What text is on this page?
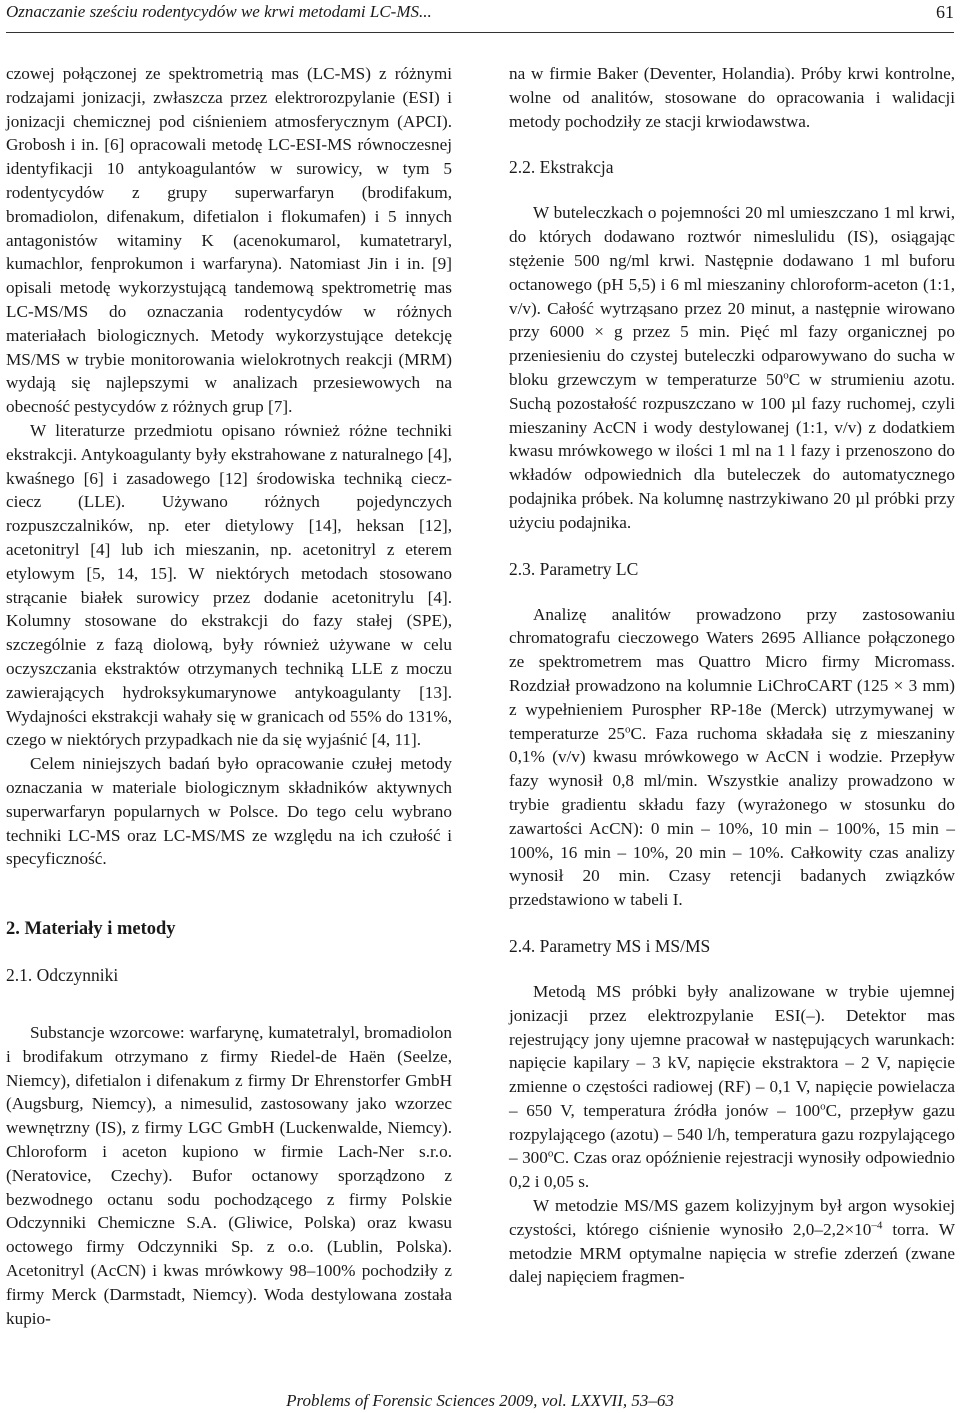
Oznaczanie sześciu rodentycydów we krwi metodami LC-MS...	61

czowej połączonej ze spektrometrią mas (LC-MS) z różnymi rodzajami jonizacji, zwłaszcza przez elektrorozpylanie (ESI) i jonizacji chemicznej pod ciśnieniem atmosferycznym (APCI). Grobosh i in. [6] opracowali metodę LC-ESI-MS równoczesnej identyfikacji 10 antykoagulantów w surowicy, w tym 5 rodentycydów z grupy superwarfaryn (brodifakum, bromadiolon, difenakum, difetialon i flokumafen) i 5 innych antagonistów witaminy K (acenokumarol, kumatetraryl, kumachlor, fenprokumon i warfaryna). Natomiast Jin i in. [9] opisali metodę wykorzystującą tandemową spektrometrię mas LC-MS/MS do oznaczania rodentycydów w różnych materiałach biologicznych. Metody wykorzystujące detekcję MS/MS w trybie monitorowania wielokrotnych reakcji (MRM) wydają się najlepszymi w analizach przesiewowych na obecność pestycydów z różnych grup [7].

W literaturze przedmiotu opisano również różne techniki ekstrakcji. Antykoagulanty były ekstrahowane z naturalnego [4], kwaśnego [6] i zasadowego [12] środowiska techniką ciecz-ciecz (LLE). Używano różnych pojedynczych rozpuszczalników, np. eter dietylowy [14], heksan [12], acetonitryl [4] lub ich mieszanin, np. acetonitryl z eterem etylowym [5, 14, 15]. W niektórych metodach stosowano strącanie białek surowicy przez dodanie acetonitrylu [4]. Kolumny stosowane do ekstrakcji do fazy stałej (SPE), szczególnie z fazą diolową, były również używane w celu oczyszczania ekstraktów otrzymanych techniką LLE z moczu zawierających hydroksykumarynowe antykoagulanty [13]. Wydajności ekstrakcji wahały się w granicach od 55% do 131%, czego w niektórych przypadkach nie da się wyjaśnić [4, 11].

Celem niniejszych badań było opracowanie czułej metody oznaczania w materiale biologicznym składników aktywnych superwarfaryn popularnych w Polsce. Do tego celu wybrano techniki LC-MS oraz LC-MS/MS ze względu na ich czułość i specyficzność.

2. Materiały i metody
2.1. Odczynniki

Substancje wzorcowe: warfarynę, kumatetralyl, bromadiolon i brodifakum otrzymano z firmy Riedel-de Haën (Seelze, Niemcy), difetialon i difenakum z firmy Dr Ehrenstorfer GmbH (Augsburg, Niemcy), a nimesulid, zastosowany jako wzorzec wewnętrzny (IS), z firmy LGC GmbH (Luckenwalde, Niemcy). Chloroform i aceton kupiono w firmie Lach-Ner s.r.o. (Neratovice, Czechy). Bufor octanowy sporządzono z bezwodnego octanu sodu pochodzącego z firmy Polskie Odczynniki Chemiczne S.A. (Gliwice, Polska) oraz kwasu octowego firmy Odczynniki Sp. z o.o. (Lublin, Polska). Acetonitryl (AcCN) i kwas mrówkowy 98–100% pochodziły z firmy Merck (Darmstadt, Niemcy). Woda destylowana została kupio-

na w firmie Baker (Deventer, Holandia). Próby krwi kontrolne, wolne od analitów, stosowane do opracowania i walidacji metody pochodziły ze stacji krwiodawstwa.

2.2. Ekstrakcja

W buteleczkach o pojemności 20 ml umieszczano 1 ml krwi, do których dodawano roztwór nimeslulidu (IS), osiągając stężenie 500 ng/ml krwi. Następnie dodawano 1 ml buforu octanowego (pH 5,5) i 6 ml mieszaniny chloroform-aceton (1:1, v/v). Całość wytrząsano przez 20 minut, a następnie wirowano przy 6000 × g przez 5 min. Pięć ml fazy organicznej po przeniesieniu do czystej buteleczki odparowywano do sucha w bloku grzewczym w temperaturze 50$^o$C w strumieniu azotu. Suchą pozostałość rozpuszczano w 100 µl fazy ruchomej, czyli mieszaniny AcCN i wody destylowanej (1:1, v/v) z dodatkiem kwasu mrówkowego w ilości 1 ml na 1 l fazy i przenoszono do wkładów odpowiednich dla buteleczek do automatycznego podajnika próbek. Na kolumnę nastrzykiwano 20 µl próbki przy użyciu podajnika.

2.3. Parametry LC

Analizę analitów prowadzono przy zastosowaniu chromatografu cieczowego Waters 2695 Alliance połączonego ze spektrometrem mas Quattro Micro firmy Micromass. Rozdział prowadzono na kolumnie LiChroCART (125 × 3 mm) z wypełnieniem Purospher RP-18e (Merck) utrzymywanej w temperaturze 25$^o$C. Faza ruchoma składała się z mieszaniny 0,1% (v/v) kwasu mrówkowego w AcCN i wodzie. Przepływ fazy wynosił 0,8 ml/min. Wszystkie analizy prowadzono w trybie gradientu składu fazy (wyrażonego w stosunku do zawartości AcCN): 0 min – 10%, 10 min – 100%, 15 min – 100%, 16 min – 10%, 20 min – 10%. Całkowity czas analizy wynosił 20 min. Czasy retencji badanych związków przedstawiono w tabeli I.

2.4. Parametry MS i MS/MS

Metodą MS próbki były analizowane w trybie ujemnej jonizacji przez elektrozpylanie ESI(–). Detektor mas rejestrujący jony ujemne pracował w następujących warunkach: napięcie kapilary – 3 kV, napięcie ekstraktora – 2 V, napięcie zmienne o częstości radiowej (RF) – 0,1 V, napięcie powielacza – 650 V, temperatura źródła jonów – 100$^o$C, przepływ gazu rozpylającego (azotu) – 540 l/h, temperatura gazu rozpylającego – 300$^o$C. Czas oraz opóźnienie rejestracji wynosiły odpowiednio 0,2 i 0,05 s.

W metodzie MS/MS gazem kolizyjnym był argon wysokiej czystości, którego ciśnienie wynosiło $2,0-2,2\times 10^{-4}$ torra. W metodzie MRM optymalne napięcia w strefie zderzeń (zwane dalej napięciem fragmen-

Problems of Forensic Sciences 2009, vol. LXXVII, 53–63
